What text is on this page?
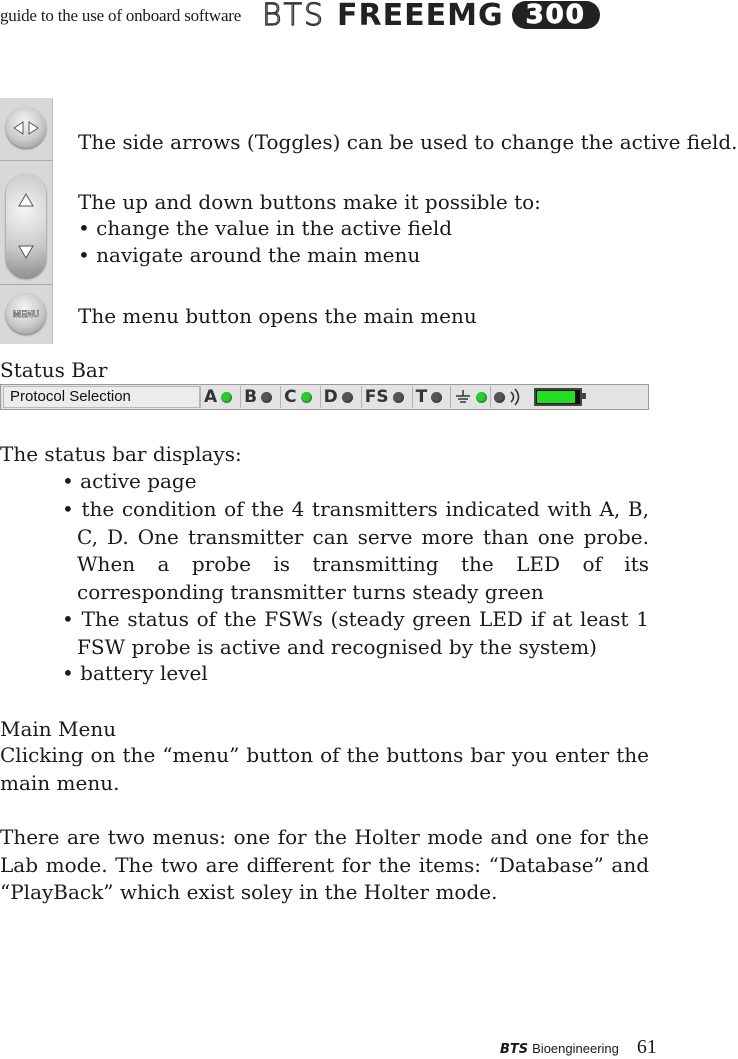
guide to the use of onboard software BTS FREEEMG 300
MENU
The side arrows (Toggles) can be used to change the active field.
The up and down buttons make it possible to:
• change the value in the active field
• navigate around the main menu
The menu button opens the main menu
Status Bar
Protocol Selection	A B C D FS T
The status bar displays:
• active page
• the condition of the 4 transmitters indicated with A, B, C, D. One transmitter can serve more than one probe. When a probe is transmitting the LED of its corresponding transmitter turns steady green
• The status of the FSWs (steady green LED if at least 1 FSW probe is active and recognised by the system)
• battery level
Main Menu
Clicking on the “menu” button of the buttons bar you enter the main menu.
There are two menus: one for the Holter mode and one for the Lab mode. The two are different for the items: “Database” and “PlayBack” which exist soley in the Holter mode.
BTS Bioengineering 61
